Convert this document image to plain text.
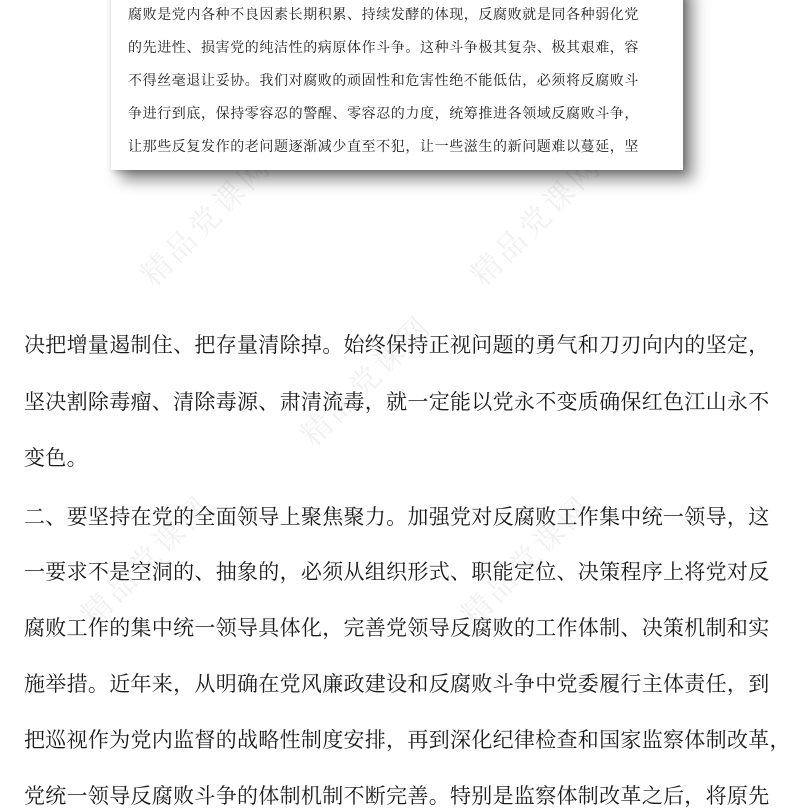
精品党课网	精品党课网
精品党课网
精品党课网	精品党课网
腐败是党内各种不良因素长期积累、持续发酵的体现，反腐败就是同各种弱化党
的先进性、损害党的纯洁性的病原体作斗争。这种斗争极其复杂、极其艰难，容
不得丝毫退让妥协。我们对腐败的顽固性和危害性绝不能低估，必须将反腐败斗
争进行到底，保持零容忍的警醒、零容忍的力度，统筹推进各领域反腐败斗争，
让那些反复发作的老问题逐渐减少直至不犯，让一些滋生的新问题难以蔓延，坚
决把增量遏制住、把存量清除掉。始终保持正视问题的勇气和刀刃向内的坚定，
坚决割除毒瘤、清除毒源、肃清流毒，就一定能以党永不变质确保红色江山永不
变色。
二、要坚持在党的全面领导上聚焦聚力。加强党对反腐败工作集中统一领导，这
一要求不是空洞的、抽象的，必须从组织形式、职能定位、决策程序上将党对反
腐败工作的集中统一领导具体化，完善党领导反腐败的工作体制、决策机制和实
施举措。近年来，从明确在党风廉政建设和反腐败斗争中党委履行主体责任，到
把巡视作为党内监督的战略性制度安排，再到深化纪律检查和国家监察体制改革，
党统一领导反腐败斗争的体制机制不断完善。特别是监察体制改革之后，将原先
